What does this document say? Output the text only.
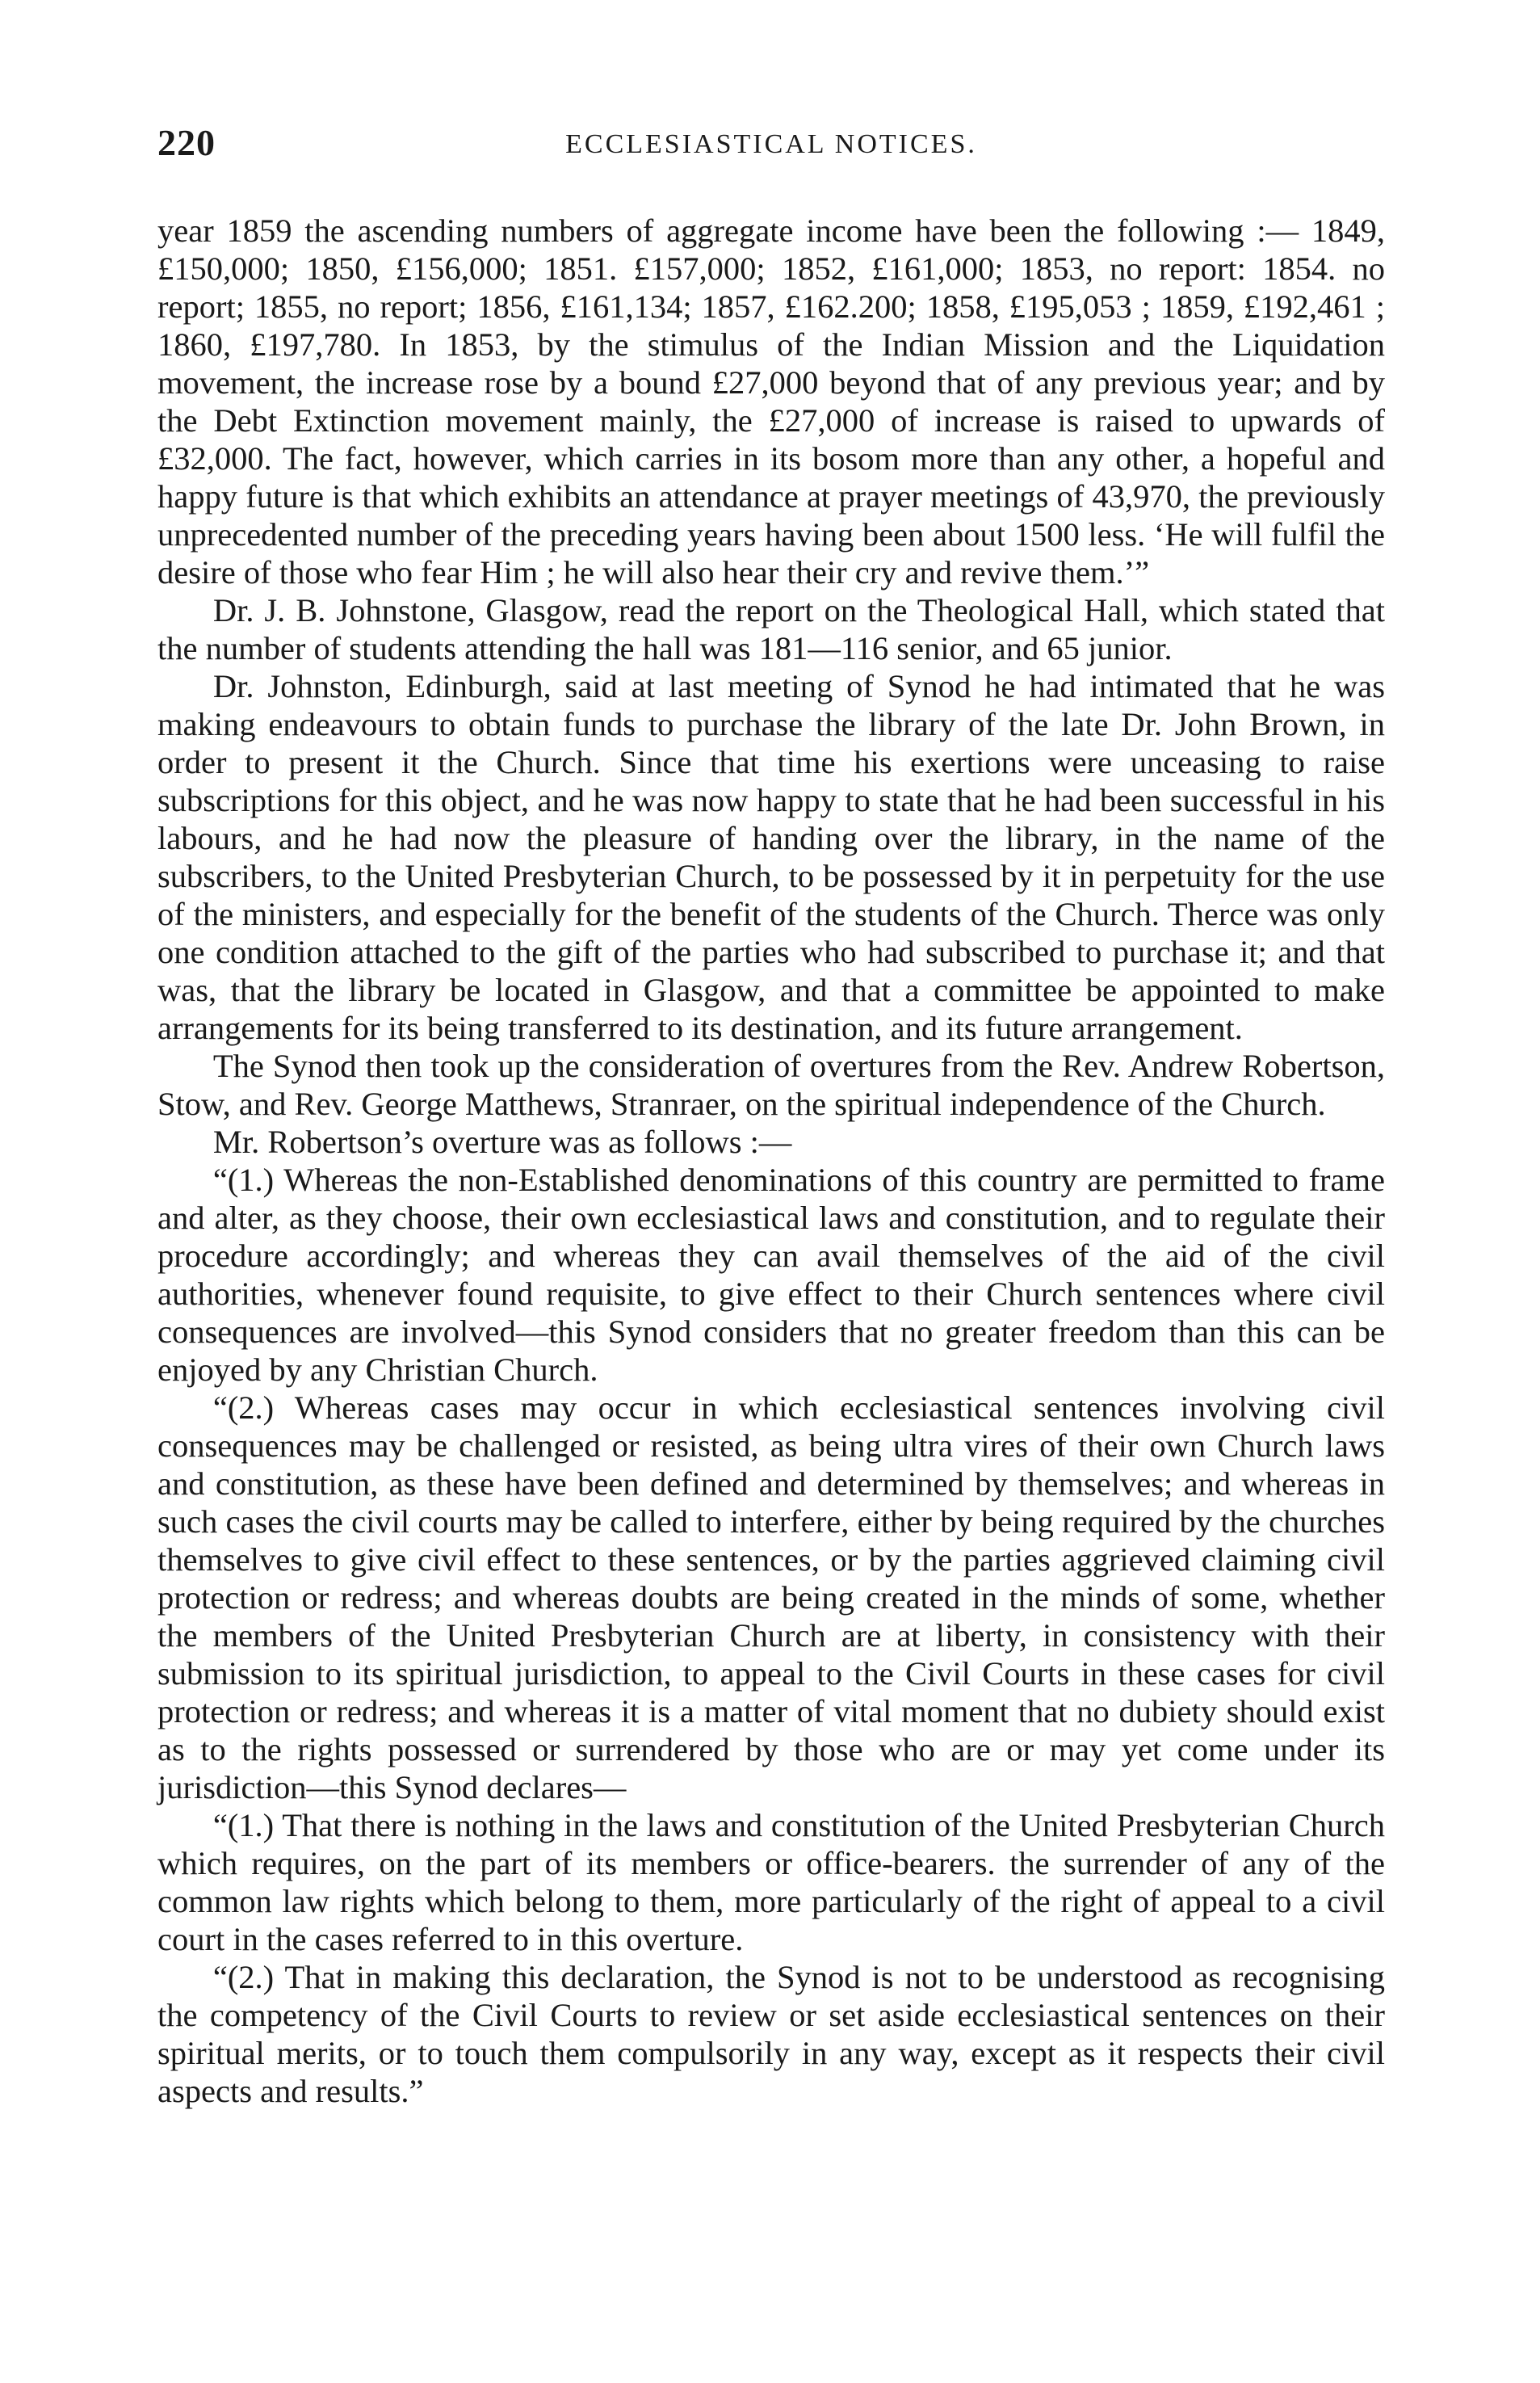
220	ECCLESIASTICAL NOTICES.

year 1859 the ascending numbers of aggregate income have been the following :— 1849, £150,000; 1850, £156,000; 1851. £157,000; 1852, £161,000; 1853, no report: 1854. no report; 1855, no report; 1856, £161,134; 1857, £162.200; 1858, £195,053 ; 1859, £192,461 ; 1860, £197,780. In 1853, by the stimulus of the Indian Mission and the Liquidation movement, the increase rose by a bound £27,000 beyond that of any previous year; and by the Debt Extinction movement mainly, the £27,000 of increase is raised to upwards of £32,000. The fact, however, which carries in its bosom more than any other, a hopeful and happy future is that which exhibits an attendance at prayer meetings of 43,970, the previously unprecedented number of the preceding years having been about 1500 less. ‘He will fulfil the desire of those who fear Him ; he will also hear their cry and revive them.’”

Dr. J. B. Johnstone, Glasgow, read the report on the Theological Hall, which stated that the number of students attending the hall was 181—116 senior, and 65 junior.

Dr. Johnston, Edinburgh, said at last meeting of Synod he had intimated that he was making endeavours to obtain funds to purchase the library of the late Dr. John Brown, in order to present it the Church. Since that time his exertions were unceasing to raise subscriptions for this object, and he was now happy to state that he had been successful in his labours, and he had now the pleasure of handing over the library, in the name of the subscribers, to the United Presbyterian Church, to be possessed by it in perpetuity for the use of the ministers, and especially for the benefit of the students of the Church. Therce was only one condition attached to the gift of the parties who had subscribed to purchase it; and that was, that the library be located in Glasgow, and that a committee be appointed to make arrangements for its being transferred to its destination, and its future arrangement.

The Synod then took up the consideration of overtures from the Rev. Andrew Robertson, Stow, and Rev. George Matthews, Stranraer, on the spiritual independence of the Church.

Mr. Robertson’s overture was as follows :—

“(1.) Whereas the non-Established denominations of this country are permitted to frame and alter, as they choose, their own ecclesiastical laws and constitution, and to regulate their procedure accordingly; and whereas they can avail themselves of the aid of the civil authorities, whenever found requisite, to give effect to their Church sentences where civil consequences are involved—this Synod considers that no greater freedom than this can be enjoyed by any Christian Church.

“(2.) Whereas cases may occur in which ecclesiastical sentences involving civil consequences may be challenged or resisted, as being ultra vires of their own Church laws and constitution, as these have been defined and determined by themselves; and whereas in such cases the civil courts may be called to interfere, either by being required by the churches themselves to give civil effect to these sentences, or by the parties aggrieved claiming civil protection or redress; and whereas doubts are being created in the minds of some, whether the members of the United Presbyterian Church are at liberty, in consistency with their submission to its spiritual jurisdiction, to appeal to the Civil Courts in these cases for civil protection or redress; and whereas it is a matter of vital moment that no dubiety should exist as to the rights possessed or surrendered by those who are or may yet come under its jurisdiction—this Synod declares—

“(1.) That there is nothing in the laws and constitution of the United Presbyterian Church which requires, on the part of its members or office-bearers. the surrender of any of the common law rights which belong to them, more particularly of the right of appeal to a civil court in the cases referred to in this overture.

“(2.) That in making this declaration, the Synod is not to be understood as recognising the competency of the Civil Courts to review or set aside ecclesiastical sentences on their spiritual merits, or to touch them compulsorily in any way, except as it respects their civil aspects and results.”
